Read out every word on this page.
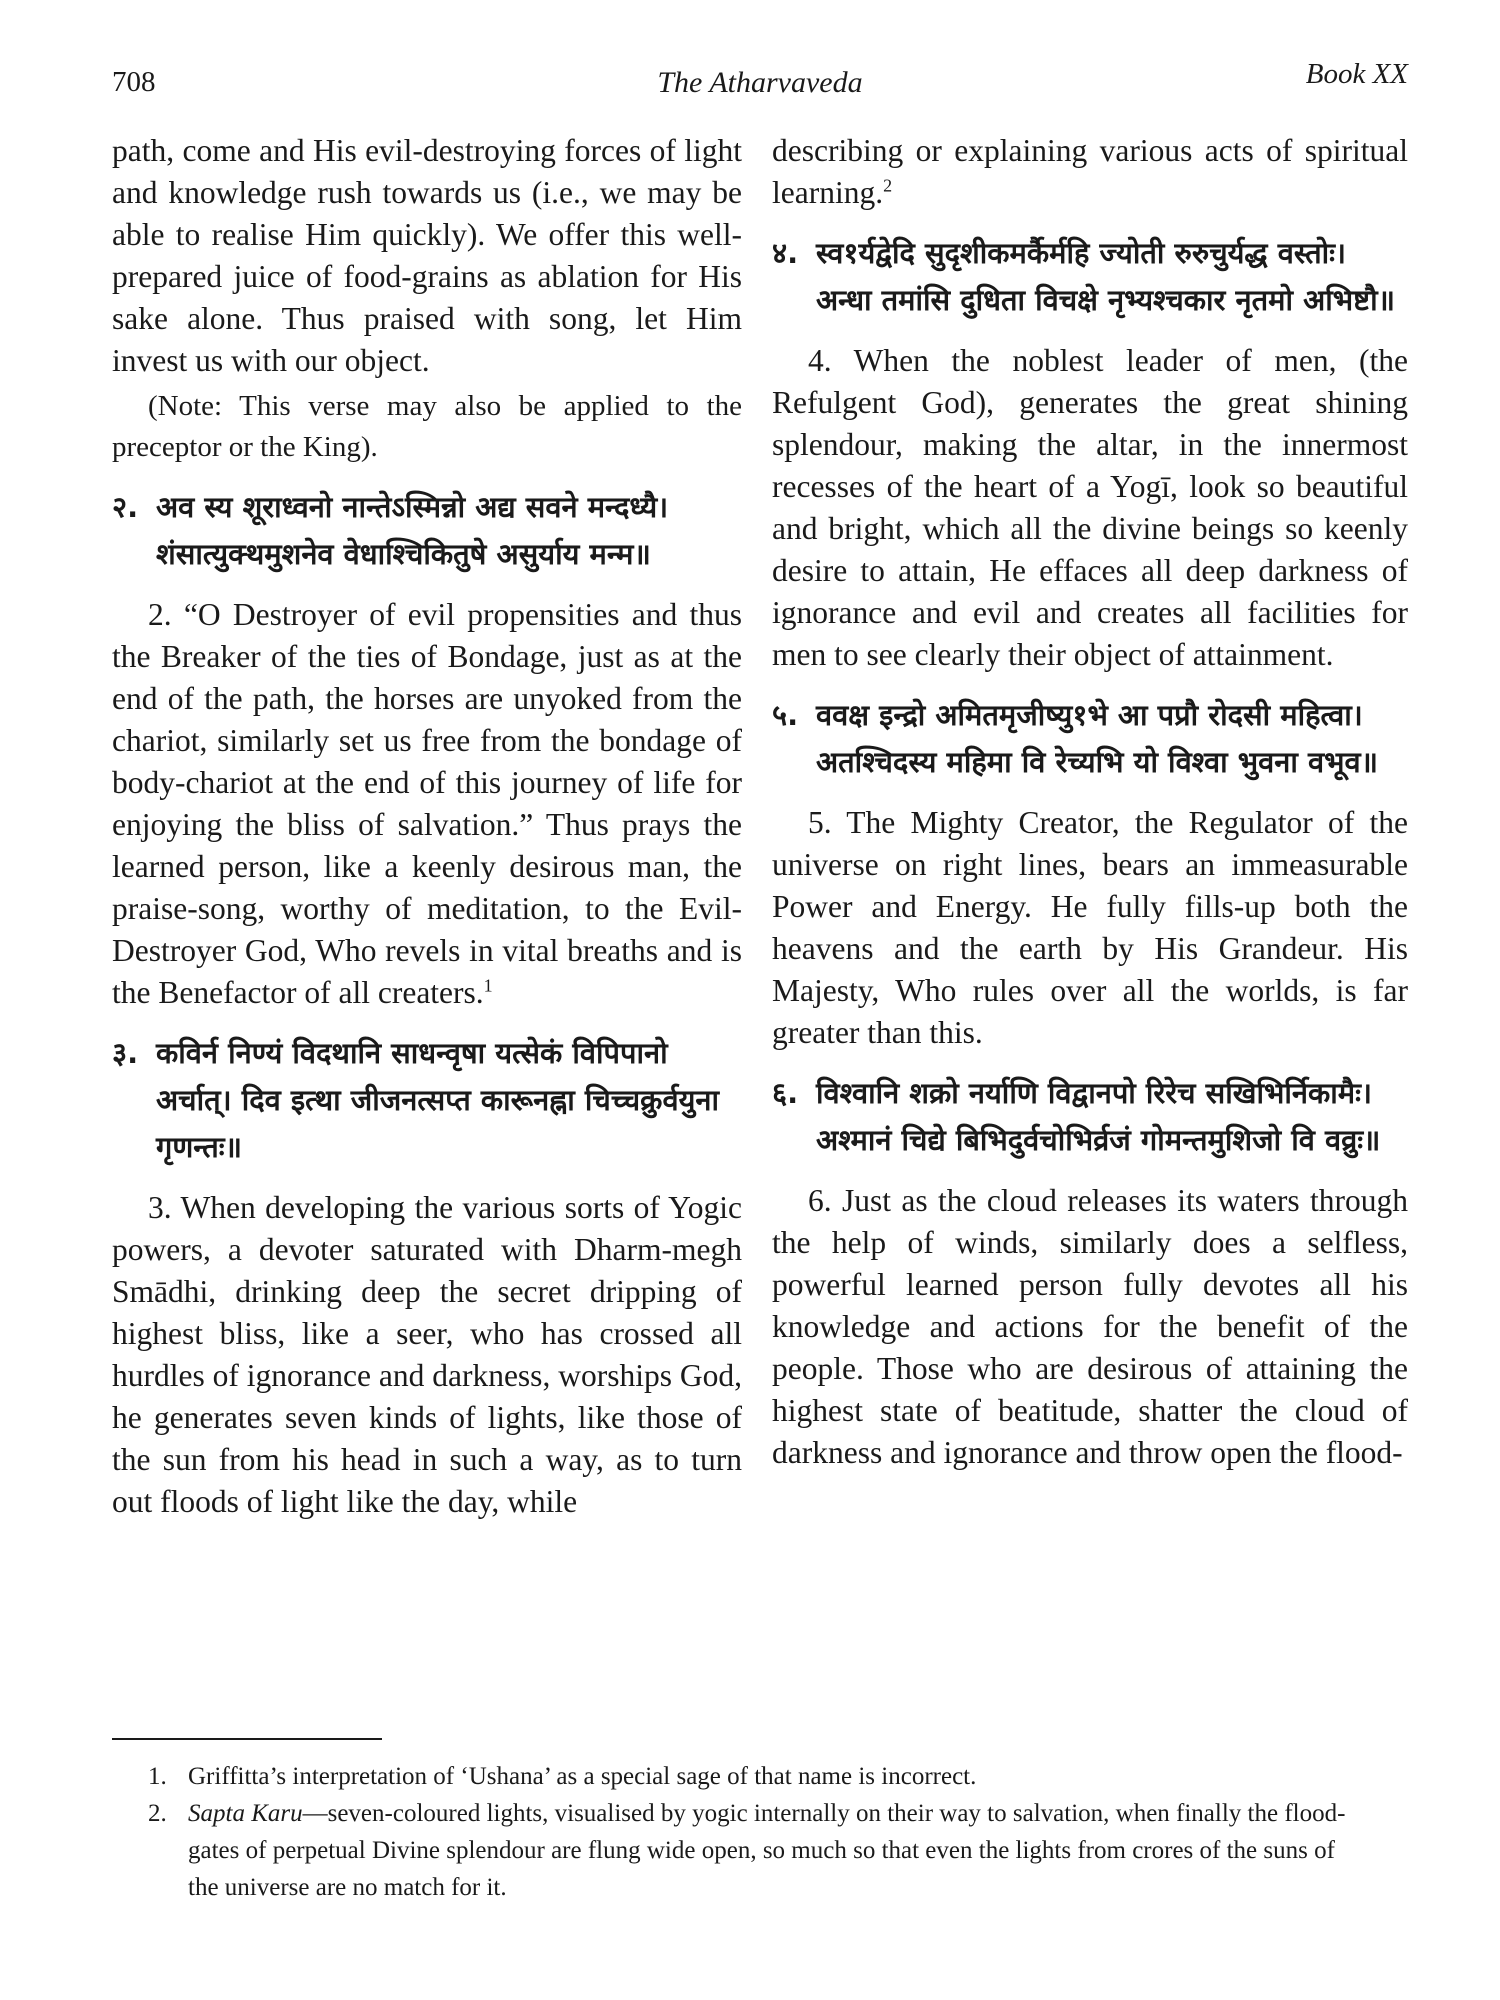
708	The Atharvaveda	Book XX

path, come and His evil-destroying forces of light and knowledge rush towards us (i.e., we may be able to realise Him quickly). We offer this well-prepared juice of food-grains as ablation for His sake alone. Thus praised with song, let Him invest us with our object.

(Note: This verse may also be applied to the preceptor or the King).

२. अव स्य शूराध्वनो नान्तेऽस्मिन्नो अद्य सवने मन्दध्यै। शंसात्युक्थमुशनेव वेधाश्चिकितुषे असुर्याय मन्म॥

2. “O Destroyer of evil propensities and thus the Breaker of the ties of Bondage, just as at the end of the path, the horses are unyoked from the chariot, similarly set us free from the bondage of body-chariot at the end of this journey of life for enjoying the bliss of salvation.” Thus prays the learned person, like a keenly desirous man, the praise-song, worthy of meditation, to the Evil-Destroyer God, Who revels in vital breaths and is the Benefactor of all creaters.$^1$

३. कविर्न निण्यं विदथानि साधन्वृषा यत्सेकं विपिपानो अर्चात्। दिव इत्था जीजनत्सप्त कारूनह्ना चिच्चक्रुर्वयुना गृणन्तः॥

3. When developing the various sorts of Yogic powers, a devoter saturated with Dharm-megh Smādhi, drinking deep the secret dripping of highest bliss, like a seer, who has crossed all hurdles of ignorance and darkness, worships God, he generates seven kinds of lights, like those of the sun from his head in such a way, as to turn out floods of light like the day, while

describing or explaining various acts of spiritual learning.$^2$

४. स्व१र्यद्वेदि सुदृशीकमर्कैर्महि ज्योती रुरुचुर्यद्ध वस्तोः। अन्धा तमांसि दुधिता विचक्षे नृभ्यश्चकार नृतमो अभिष्टौ॥

4. When the noblest leader of men, (the Refulgent God), generates the great shining splendour, making the altar, in the innermost recesses of the heart of a Yogī, look so beautiful and bright, which all the divine beings so keenly desire to attain, He effaces all deep darkness of ignorance and evil and creates all facilities for men to see clearly their object of attainment.

५. ववक्ष इन्द्रो अमितमृजीष्यु१भे आ पप्रौ रोदसी महित्वा। अतश्चिदस्य महिमा वि रेच्यभि यो विश्वा भुवना वभूव॥

5. The Mighty Creator, the Regulator of the universe on right lines, bears an immeasurable Power and Energy. He fully fills-up both the heavens and the earth by His Grandeur. His Majesty, Who rules over all the worlds, is far greater than this.

६. विश्वानि शक्रो नर्याणि विद्वानपो रिरेच सखिभिर्निकामैः। अश्मानं चिद्ये बिभिदुर्वचोभिर्व्रजं गोमन्तमुशिजो वि वव्रुः॥

6. Just as the cloud releases its waters through the help of winds, similarly does a selfless, powerful learned person fully devotes all his knowledge and actions for the benefit of the people. Those who are desirous of attaining the highest state of beatitude, shatter the cloud of darkness and ignorance and throw open the flood-

1. Griffitta’s interpretation of ‘Ushana’ as a special sage of that name is incorrect.

2. Sapta Karu—seven-coloured lights, visualised by yogic internally on their way to salvation, when finally the flood-gates of perpetual Divine splendour are flung wide open, so much so that even the lights from crores of the suns of the universe are no match for it.
